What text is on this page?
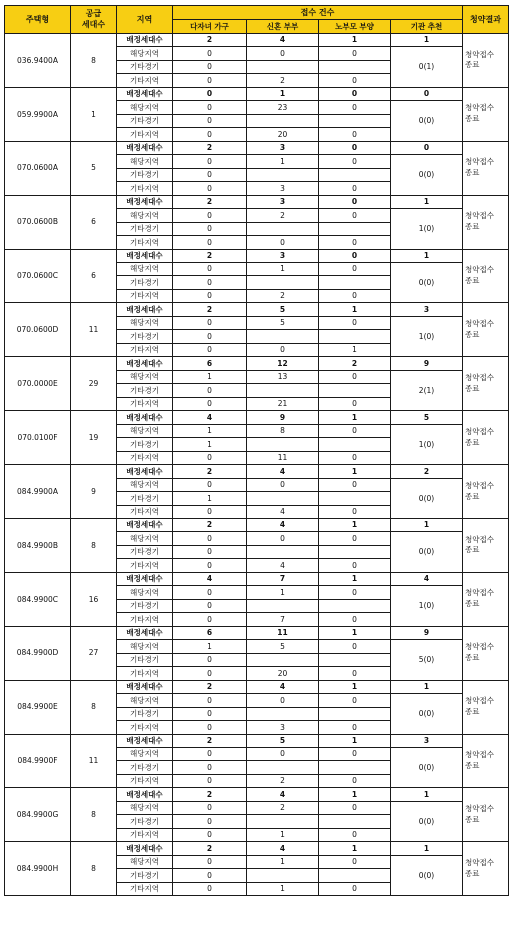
주택형	공급
세대수	지역	접수 건수				청약결과
			다자녀 가구	신혼 부부	노부모 부양	기관 추천	
036.9400A	8	배정세대수	2	4	1	1	청약접수
종료
		해당지역	0	0	0	0(1)	
		기타경기	0				
		기타지역	0	2	0		
059.9900A	1	배정세대수	0	1	0	0	청약접수
종료
		해당지역	0	23	0	0(0)	
		기타경기	0				
		기타지역	0	20	0		
070.0600A	5	배정세대수	2	3	0	0	청약접수
종료
		해당지역	0	1	0	0(0)	
		기타경기	0				
		기타지역	0	3	0		
070.0600B	6	배정세대수	2	3	0	1	청약접수
종료
		해당지역	0	2	0	1(0)	
		기타경기	0				
		기타지역	0	0	0		
070.0600C	6	배정세대수	2	3	0	1	청약접수
종료
		해당지역	0	1	0	0(0)	
		기타경기	0				
		기타지역	0	2	0		
070.0600D	11	배정세대수	2	5	1	3	청약접수
종료
		해당지역	0	5	0	1(0)	
		기타경기	0				
		기타지역	0	0	1		
070.0000E	29	배정세대수	6	12	2	9	청약접수
종료
		해당지역	1	13	0	2(1)	
		기타경기	0				
		기타지역	0	21	0		
070.0100F	19	배정세대수	4	9	1	5	청약접수
종료
		해당지역	1	8	0	1(0)	
		기타경기	1				
		기타지역	0	11	0		
084.9900A	9	배정세대수	2	4	1	2	청약접수
종료
		해당지역	0	0	0	0(0)	
		기타경기	1				
		기타지역	0	4	0		
084.9900B	8	배정세대수	2	4	1	1	청약접수
종료
		해당지역	0	0	0	0(0)	
		기타경기	0				
		기타지역	0	4	0		
084.9900C	16	배정세대수	4	7	1	4	청약접수
종료
		해당지역	0	1	0	1(0)	
		기타경기	0				
		기타지역	0	7	0		
084.9900D	27	배정세대수	6	11	1	9	청약접수
종료
		해당지역	1	5	0	5(0)	
		기타경기	0				
		기타지역	0	20	0		
084.9900E	8	배정세대수	2	4	1	1	청약접수
종료
		해당지역	0	0	0	0(0)	
		기타경기	0				
		기타지역	0	3	0		
084.9900F	11	배정세대수	2	5	1	3	청약접수
종료
		해당지역	0	0	0	0(0)	
		기타경기	0				
		기타지역	0	2	0		
084.9900G	8	배정세대수	2	4	1	1	청약접수
종료
		해당지역	0	2	0	0(0)	
		기타경기	0				
		기타지역	0	1	0		
084.9900H	8	배정세대수	2	4	1	1	청약접수
종료
		해당지역	0	1	0	0(0)	
		기타경기	0				
		기타지역	0	1	0		
